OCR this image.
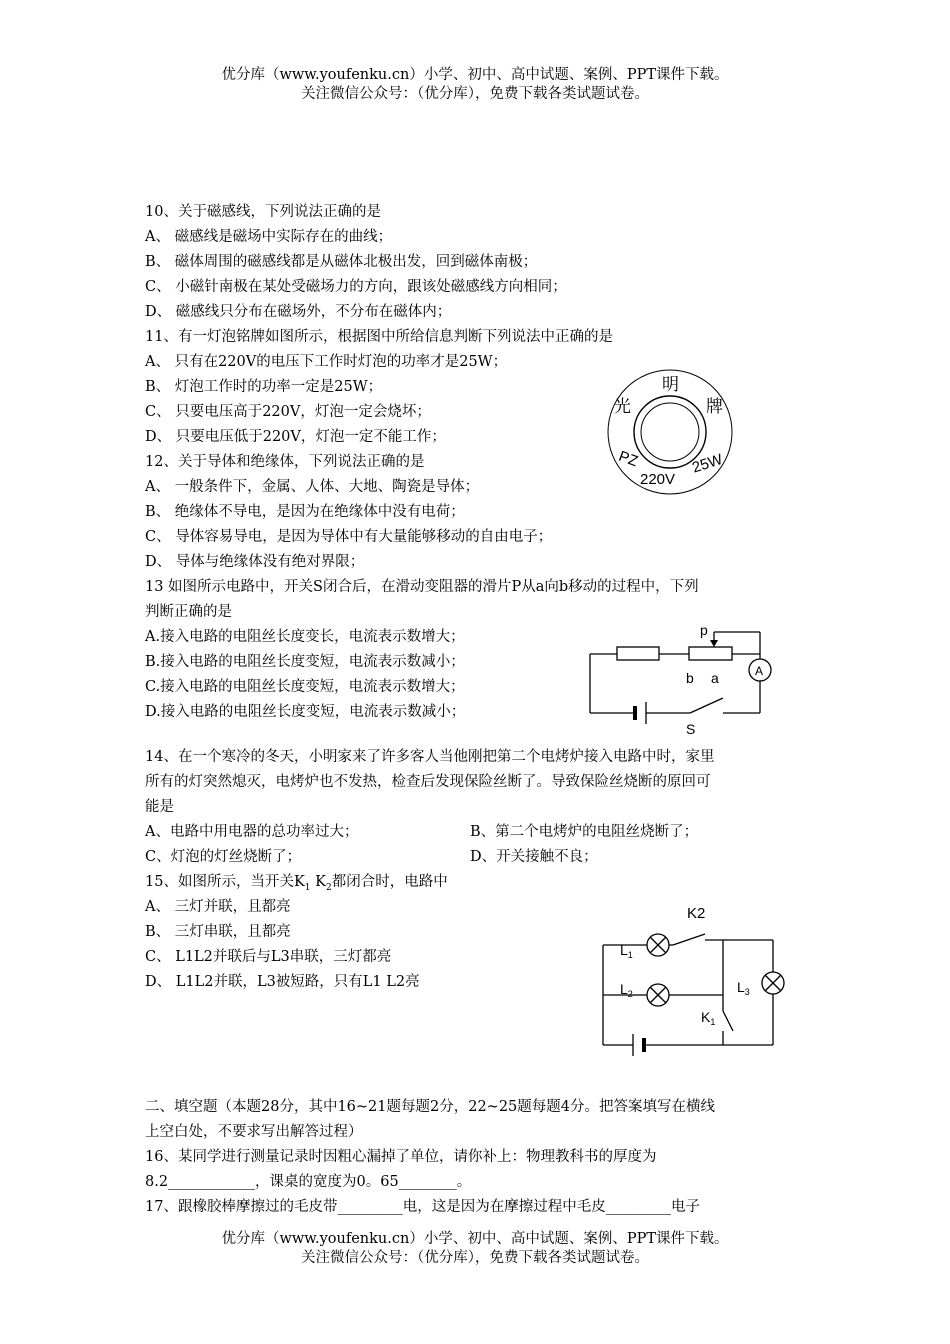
优分库（www.youfenku.cn）小学、初中、高中试题、案例、PPT课件下载。
关注微信公众号：（优分库），免费下载各类试题试卷。
10、关于磁感线，下列说法正确的是
A、 磁感线是磁场中实际存在的曲线；
B、 磁体周围的磁感线都是从磁体北极出发，回到磁体南极；
C、 小磁针南极在某处受磁场力的方向，跟该处磁感线方向相同；
D、 磁感线只分布在磁场外，不分布在磁体内；
11、有一灯泡铭牌如图所示，根据图中所给信息判断下列说法中正确的是
A、 只有在220V的电压下工作时灯泡的功率才是25W；
B、 灯泡工作时的功率一定是25W；
C、 只要电压高于220V，灯泡一定会烧坏；
D、 只要电压低于220V，灯泡一定不能工作；
光
明
牌
PZ
220V
25W
12、关于导体和绝缘体，下列说法正确的是
A、 一般条件下，金属、人体、大地、陶瓷是导体；
B、 绝缘体不导电，是因为在绝缘体中没有电荷；
C、 导体容易导电，是因为导体中有大量能够移动的自由电子；
D、 导体与绝缘体没有绝对界限；
13 如图所示电路中，开关S闭合后，在滑动变阻器的滑片P从a向b移动的过程中，下列
判断正确的是
A.接入电路的电阻丝长度变长，电流表示数增大；
B.接入电路的电阻丝长度变短，电流表示数减小；
C.接入电路的电阻丝长度变短，电流表示数增大；
D.接入电路的电阻丝长度变短，电流表示数减小；
p
A
b a
S
14、在一个寒冷的冬天，小明家来了许多客人当他刚把第二个电烤炉接入电路中时，家里
所有的灯突然熄灭，电烤炉也不发热，检查后发现保险丝断了。导致保险丝烧断的原回可
能是
A、电路中用电器的总功率过大；	B、第二个电烤炉的电阻丝烧断了；
C、灯泡的灯丝烧断了；	D、开关接触不良；
15、如图所示，当开关$K_1$ $K_2$都闭合时，电路中
A、 三灯并联，且都亮
B、 三灯串联，且都亮
C、 L1L2并联后与L3串联，三灯都亮
D、 L1L2并联，L3被短路，只有L1 L2亮
K2
$L_1$
$L_2$	$L_3$
$K_1$
二、填空题（本题28分，其中16~21题每题2分，22~25题每题4分。把答案填写在横线
上空白处，不要求写出解答过程）
16、某同学进行测量记录时因粗心漏掉了单位，请你补上：物理教科书的厚度为
8.2____________，课桌的宽度为0。65________。
17、跟橡胶棒摩擦过的毛皮带_________电，这是因为在摩擦过程中毛皮_________电子
优分库（www.youfenku.cn）小学、初中、高中试题、案例、PPT课件下载。
关注微信公众号：（优分库），免费下载各类试题试卷。
